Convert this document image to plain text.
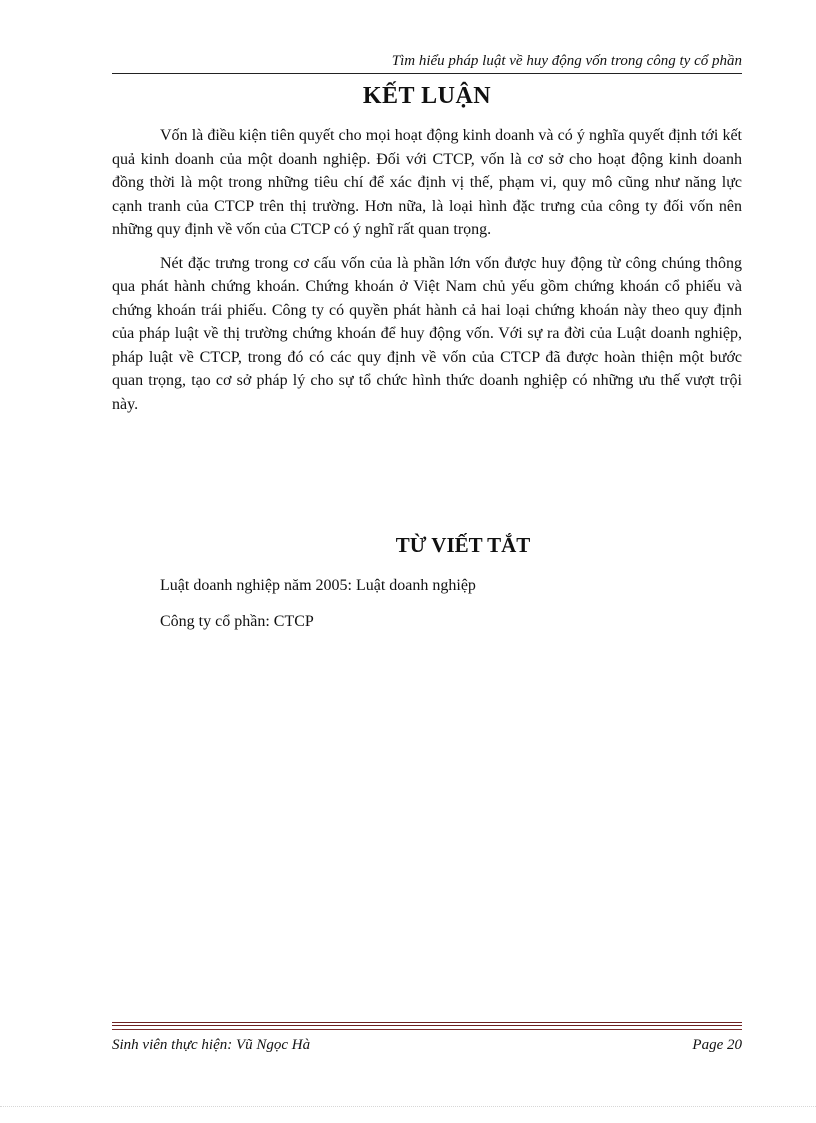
Tìm hiểu pháp luật về huy động vốn trong công ty cổ phần
KẾT LUẬN

Vốn là điều kiện tiên quyết cho mọi hoạt động kinh doanh và có ý nghĩa quyết định tới kết quả kinh doanh của một doanh nghiệp. Đối với CTCP, vốn là cơ sở cho hoạt động kinh doanh đồng thời là một trong những tiêu chí để xác định vị thế, phạm vi, quy mô cũng như năng lực cạnh tranh của CTCP trên thị trường. Hơn nữa, là loại hình đặc trưng của công ty đối vốn nên những quy định về vốn của CTCP có ý nghĩ rất quan trọng.

Nét đặc trưng trong cơ cấu vốn của là phần lớn vốn được huy động từ công chúng thông qua phát hành chứng khoán. Chứng khoán ở Việt Nam chủ yếu gồm chứng khoán cổ phiếu và chứng khoán trái phiếu. Công ty có quyền phát hành cả hai loại chứng khoán này theo quy định của pháp luật về thị trường chứng khoán để huy động vốn. Với sự ra đời của Luật doanh nghiệp, pháp luật về CTCP, trong đó có các quy định về vốn của CTCP đã được hoàn thiện một bước quan trọng, tạo cơ sở pháp lý cho sự tổ chức hình thức doanh nghiệp có những ưu thế vượt trội này.

TỪ VIẾT TẮT
Luật doanh nghiệp năm 2005: Luật doanh nghiệp
Công ty cổ phần: CTCP
Sinh viên thực hiện: Vũ Ngọc Hà	Page 20
